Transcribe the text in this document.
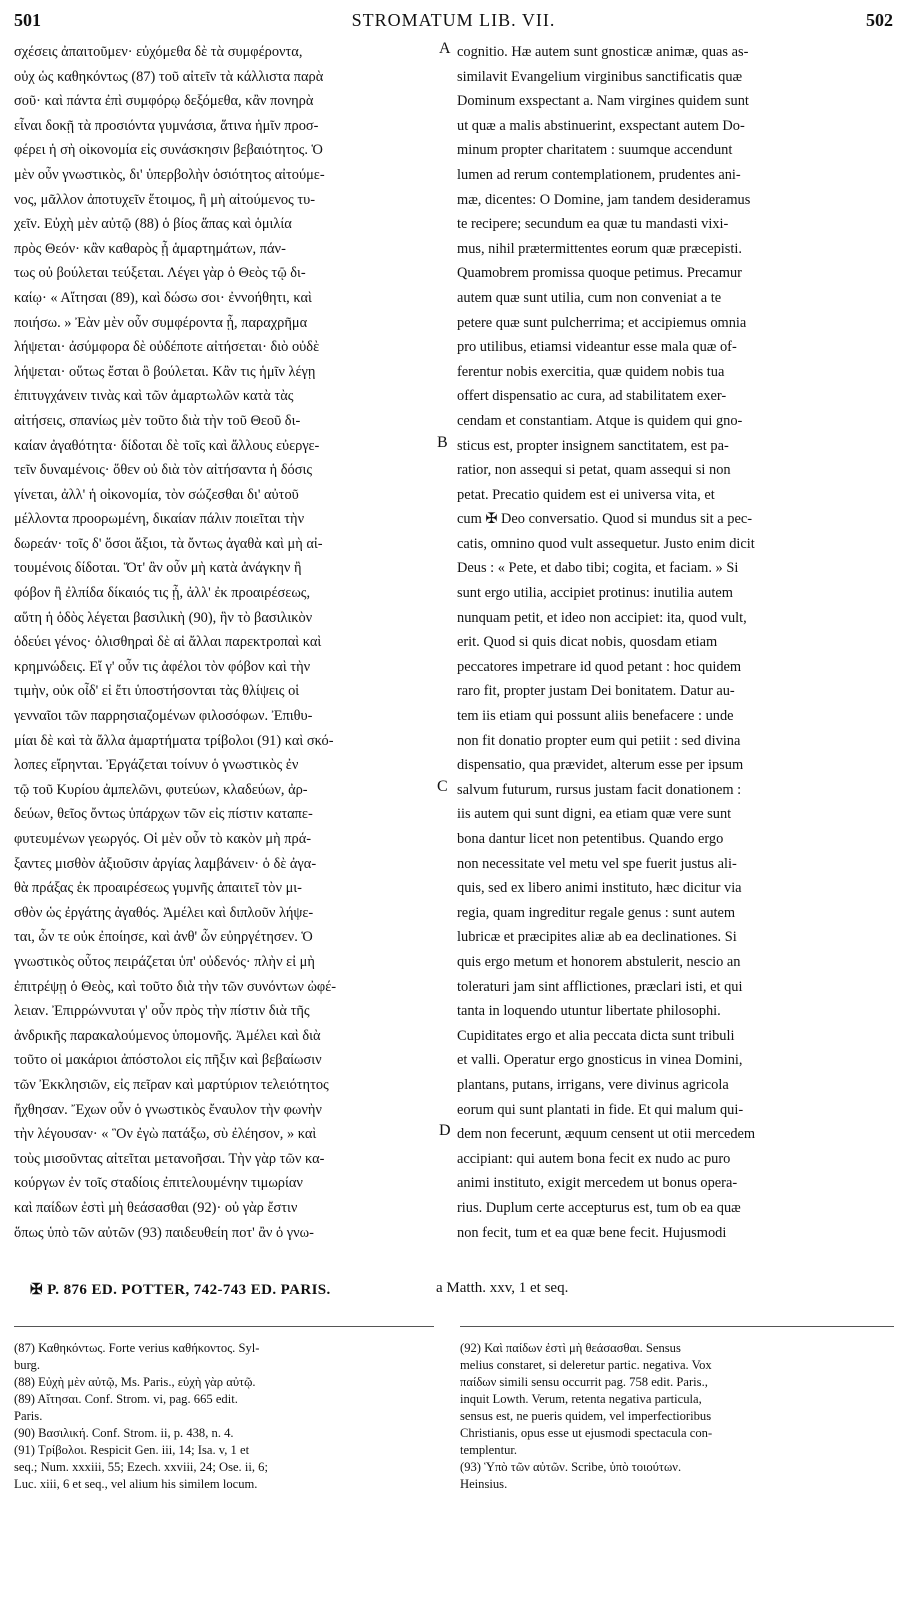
501	STROMATUM LIB. VII.	502

σχέσεις ἀπαιτοῦμεν· εὐχόμεθα δὲ τὰ συμφέροντα,

οὐχ ὡς καθηκόντως (87) τοῦ αἰτεῖν τὰ κάλλιστα παρὰ

σοῦ· καὶ πάντα ἐπὶ συμφόρῳ δεξόμεθα, κἂν πονηρὰ

εἶναι δοκῇ τὰ προσιόντα γυμνάσια, ἅτινα ἡμῖν προσ-

φέρει ἡ σὴ οἰκονομία εἰς συνάσκησιν βεβαιότητος. Ὁ

μὲν οὖν γνωστικὸς, δι' ὑπερβολὴν ὁσιότητος αἰτούμε-

νος, μᾶλλον ἀποτυχεῖν ἕτοιμος, ἢ μὴ αἰτούμενος τυ-

χεῖν. Εὐχὴ μὲν αὐτῷ (88) ὁ βίος ἅπας καὶ ὁμιλία

πρὸς Θεόν· κἂν καθαρὸς ᾖ ἁμαρτημάτων, πάν-

τως οὐ βούλεται τεύξεται. Λέγει γὰρ ὁ Θεὸς τῷ δι-

καίῳ· « Αἴτησαι (89), καὶ δώσω σοι· ἐννοήθητι, καὶ

ποιήσω. » Ἐὰν μὲν οὖν συμφέροντα ᾖ, παραχρῆμα

λήψεται· ἀσύμφορα δὲ οὐδέποτε αἰτήσεται· διὸ οὐδὲ

λήψεται· οὕτως ἔσται ὃ βούλεται. Κἂν τις ἡμῖν λέγῃ

ἐπιτυγχάνειν τινὰς καὶ τῶν ἁμαρτωλῶν κατὰ τὰς

αἰτήσεις, σπανίως μὲν τοῦτο διὰ τὴν τοῦ Θεοῦ δι-

καίαν ἀγαθότητα· δίδοται δὲ τοῖς καὶ ἄλλους εὐεργε-

τεῖν δυναμένοις· ὅθεν οὐ διὰ τὸν αἰτήσαντα ἡ δόσις

γίνεται, ἀλλ' ἡ οἰκονομία, τὸν σώζεσθαι δι' αὐτοῦ

μέλλοντα προορωμένη, δικαίαν πάλιν ποιεῖται τὴν

δωρεάν· τοῖς δ' ὅσοι ἄξιοι, τὰ ὄντως ἀγαθὰ καὶ μὴ αἰ-

τουμένοις δίδοται. Ὅτ' ἂν οὖν μὴ κατὰ ἀνάγκην ἢ

φόβον ἢ ἐλπίδα δίκαιός τις ᾖ, ἀλλ' ἐκ προαιρέσεως,

αὕτη ἡ ὁδὸς λέγεται βασιλικὴ (90), ἣν τὸ βασιλικὸν

ὁδεύει γένος· ὀλισθηραὶ δὲ αἱ ἄλλαι παρεκτροπαὶ καὶ

κρημνώδεις. Εἴ γ' οὖν τις ἀφέλοι τὸν φόβον καὶ τὴν

τιμὴν, οὐκ οἶδ' εἰ ἔτι ὑποστήσονται τὰς θλίψεις οἱ

γενναῖοι τῶν παρρησιαζομένων φιλοσόφων. Ἐπιθυ-

μίαι δὲ καὶ τὰ ἄλλα ἁμαρτήματα τρίβολοι (91) καὶ σκό-

λοπες εἴρηνται. Ἐργάζεται τοίνυν ὁ γνωστικὸς ἐν

τῷ τοῦ Κυρίου ἀμπελῶνι, φυτεύων, κλαδεύων, ἀρ-

δεύων, θεῖος ὄντως ὑπάρχων τῶν εἰς πίστιν καταπε-

φυτευμένων γεωργός. Οἱ μὲν οὖν τὸ κακὸν μὴ πρά-

ξαντες μισθὸν ἀξιοῦσιν ἀργίας λαμβάνειν· ὁ δὲ ἀγα-

θὰ πράξας ἐκ προαιρέσεως γυμνῆς ἀπαιτεῖ τὸν μι-

σθὸν ὡς ἐργάτης ἀγαθός. Ἀμέλει καὶ διπλοῦν λήψε-

ται, ὧν τε οὐκ ἐποίησε, καὶ ἀνθ' ὧν εὐηργέτησεν. Ὁ

γνωστικὸς οὗτος πειράζεται ὑπ' οὐδενός· πλὴν εἰ μὴ

ἐπιτρέψῃ ὁ Θεὸς, καὶ τοῦτο διὰ τὴν τῶν συνόντων ὠφέ-

λειαν. Ἐπιρρώννυται γ' οὖν πρὸς τὴν πίστιν διὰ τῆς

ἀνδρικῆς παρακαλούμενος ὑπομονῆς. Ἀμέλει καὶ διὰ

τοῦτο οἱ μακάριοι ἀπόστολοι εἰς πῆξιν καὶ βεβαίωσιν

τῶν Ἐκκλησιῶν, εἰς πεῖραν καὶ μαρτύριον τελειότητος

ἤχθησαν. Ἔχων οὖν ὁ γνωστικὸς ἔναυλον τὴν φωνὴν

τὴν λέγουσαν· « Ὃν ἐγὼ πατάξω, σὺ ἐλέησον, » καὶ

τοὺς μισοῦντας αἰτεῖται μετανοῆσαι. Τὴν γὰρ τῶν κα-

κούργων ἐν τοῖς σταδίοις ἐπιτελουμένην τιμωρίαν

καὶ παίδων ἐστὶ μὴ θεάσασθαι (92)· οὐ γὰρ ἔστιν

ὅπως ὑπὸ τῶν αὐτῶν (93) παιδευθείη ποτ' ἂν ὁ γνω-

cognitio. Hæ autem sunt gnosticæ animæ, quas as-

similavit Evangelium virginibus sanctificatis quæ

Dominum exspectant a. Nam virgines quidem sunt

ut quæ a malis abstinuerint, exspectant autem Do-

minum propter charitatem : suumque accendunt

lumen ad rerum contemplationem, prudentes ani-

mæ, dicentes: O Domine, jam tandem desideramus

te recipere; secundum ea quæ tu mandasti vixi-

mus, nihil prætermittentes eorum quæ præcepisti.

Quamobrem promissa quoque petimus. Precamur

autem quæ sunt utilia, cum non conveniat a te

petere quæ sunt pulcherrima; et accipiemus omnia

pro utilibus, etiamsi videantur esse mala quæ of-

ferentur nobis exercitia, quæ quidem nobis tua

offert dispensatio ac cura, ad stabilitatem exer-

cendam et constantiam. Atque is quidem qui gno-

sticus est, propter insignem sanctitatem, est pa-

ratior, non assequi si petat, quam assequi si non

petat. Precatio quidem est ei universa vita, et

cum ✠ Deo conversatio. Quod si mundus sit a pec-

catis, omnino quod vult assequetur. Justo enim dicit

Deus : « Pete, et dabo tibi; cogita, et faciam. » Si

sunt ergo utilia, accipiet protinus: inutilia autem

nunquam petit, et ideo non accipiet: ita, quod vult,

erit. Quod si quis dicat nobis, quosdam etiam

peccatores impetrare id quod petant : hoc quidem

raro fit, propter justam Dei bonitatem. Datur au-

tem iis etiam qui possunt aliis benefacere : unde

non fit donatio propter eum qui petiit : sed divina

dispensatio, qua prævidet, alterum esse per ipsum

salvum futurum, rursus justam facit donationem :

iis autem qui sunt digni, ea etiam quæ vere sunt

bona dantur licet non petentibus. Quando ergo

non necessitate vel metu vel spe fuerit justus ali-

quis, sed ex libero animi instituto, hæc dicitur via

regia, quam ingreditur regale genus : sunt autem

lubricæ et præcipites aliæ ab ea declinationes. Si

quis ergo metum et honorem abstulerit, nescio an

toleraturi jam sint afflictiones, præclari isti, et qui

tanta in loquendo utuntur libertate philosophi.

Cupiditates ergo et alia peccata dicta sunt tribuli

et valli. Operatur ergo gnosticus in vinea Domini,

plantans, putans, irrigans, vere divinus agricola

eorum qui sunt plantati in fide. Et qui malum qui-

dem non fecerunt, æquum censent ut otii mercedem

accipiant: qui autem bona fecit ex nudo ac puro

animi instituto, exigit mercedem ut bonus opera-

rius. Duplum certe accepturus est, tum ob ea quæ

non fecit, tum et ea quæ bene fecit. Hujusmodi

A
B
C
D
✠ P. 876 ED. POTTER, 742-743 ED. PARIS.	a Matth. xxv, 1 et seq.

(87) Καθηκόντως. Forte verius καθήκοντος. Syl-

burg.

(88) Εὐχὴ μὲν αὐτῷ, Ms. Paris., εὐχὴ γὰρ αὐτῷ.

(89) Αἴτησαι. Conf. Strom. vi, pag. 665 edit.

Paris.

(90) Βασιλική. Conf. Strom. ii, p. 438, n. 4.

(91) Τρίβολοι. Respicit Gen. iii, 14; Isa. v, 1 et

seq.; Num. xxxiii, 55; Ezech. xxviii, 24; Ose. ii, 6;

Luc. xiii, 6 et seq., vel alium his similem locum.

(92) Καὶ παίδων ἐστὶ μὴ θεάσασθαι. Sensus

melius constaret, si deleretur partic. negativa. Vox

παίδων simili sensu occurrit pag. 758 edit. Paris.,

inquit Lowth. Verum, retenta negativa particula,

sensus est, ne pueris quidem, vel imperfectioribus

Christianis, opus esse ut ejusmodi spectacula con-

templentur.

(93) Ὑπὸ τῶν αὐτῶν. Scribe, ὑπὸ τοιούτων.

Heinsius.
